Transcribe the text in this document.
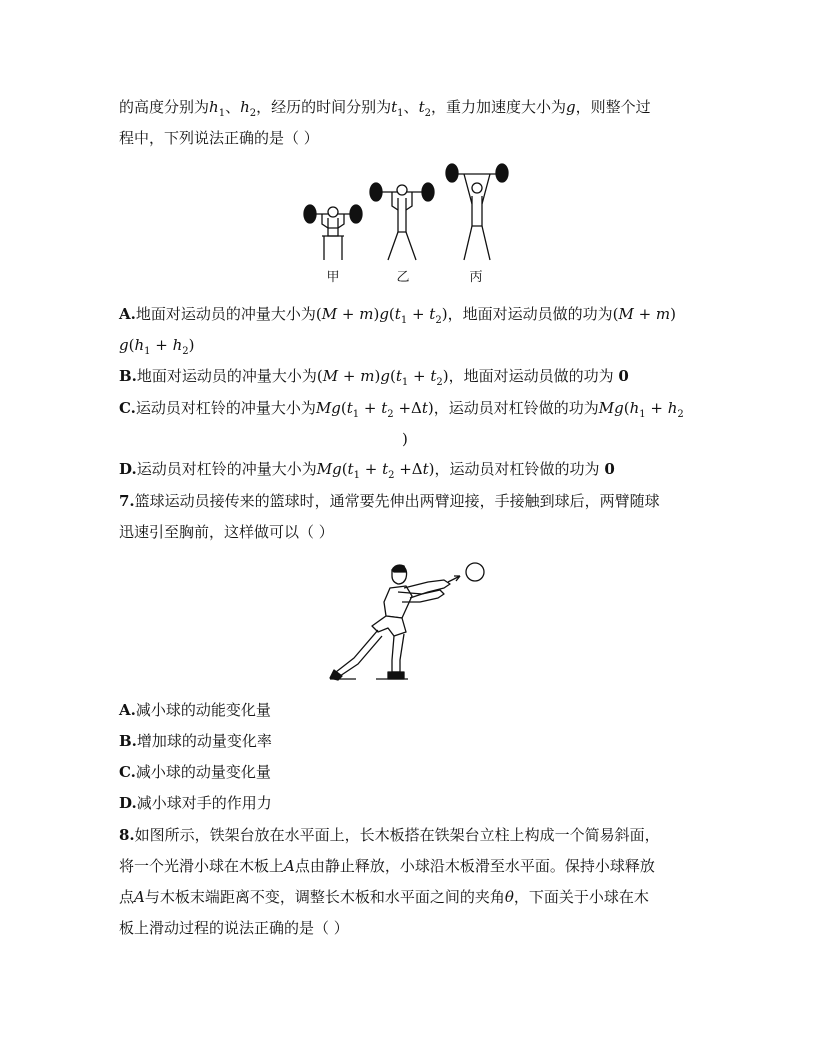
的高度分别为$h_1$、$h_2$，经历的时间分别为$t_1$、$t_2$，重力加速度大小为g，则整个过
程中，下列说法正确的是（ ）
甲	乙	丙
A.地面对运动员的冲量大小为$(M + m)g(t_1 + t_2)$，地面对运动员做的功为(M + m)
$g(h_1 + h_2)$
B.地面对运动员的冲量大小为$(M + m)g(t_1 + t_2)$，地面对运动员做的功为 0
C.运动员对杠铃的冲量大小为$Mg(t_1 + t_2 +\Delta t)$，运动员对杠铃做的功为$Mg(h_1 + h_2$
)
D.运动员对杠铃的冲量大小为$Mg(t_1 + t_2 +\Delta t)$，运动员对杠铃做的功为 0
7.篮球运动员接传来的篮球时，通常要先伸出两臂迎接，手接触到球后，两臂随球
迅速引至胸前，这样做可以（ ）
A.减小球的动能变化量
B.增加球的动量变化率
C.减小球的动量变化量
D.减小球对手的作用力
8.如图所示，铁架台放在水平面上，长木板搭在铁架台立柱上构成一个简易斜面，
将一个光滑小球在木板上A点由静止释放，小球沿木板滑至水平面。保持小球释放
点A与木板末端距离不变，调整长木板和水平面之间的夹角θ，下面关于小球在木
板上滑动过程的说法正确的是（ ）
